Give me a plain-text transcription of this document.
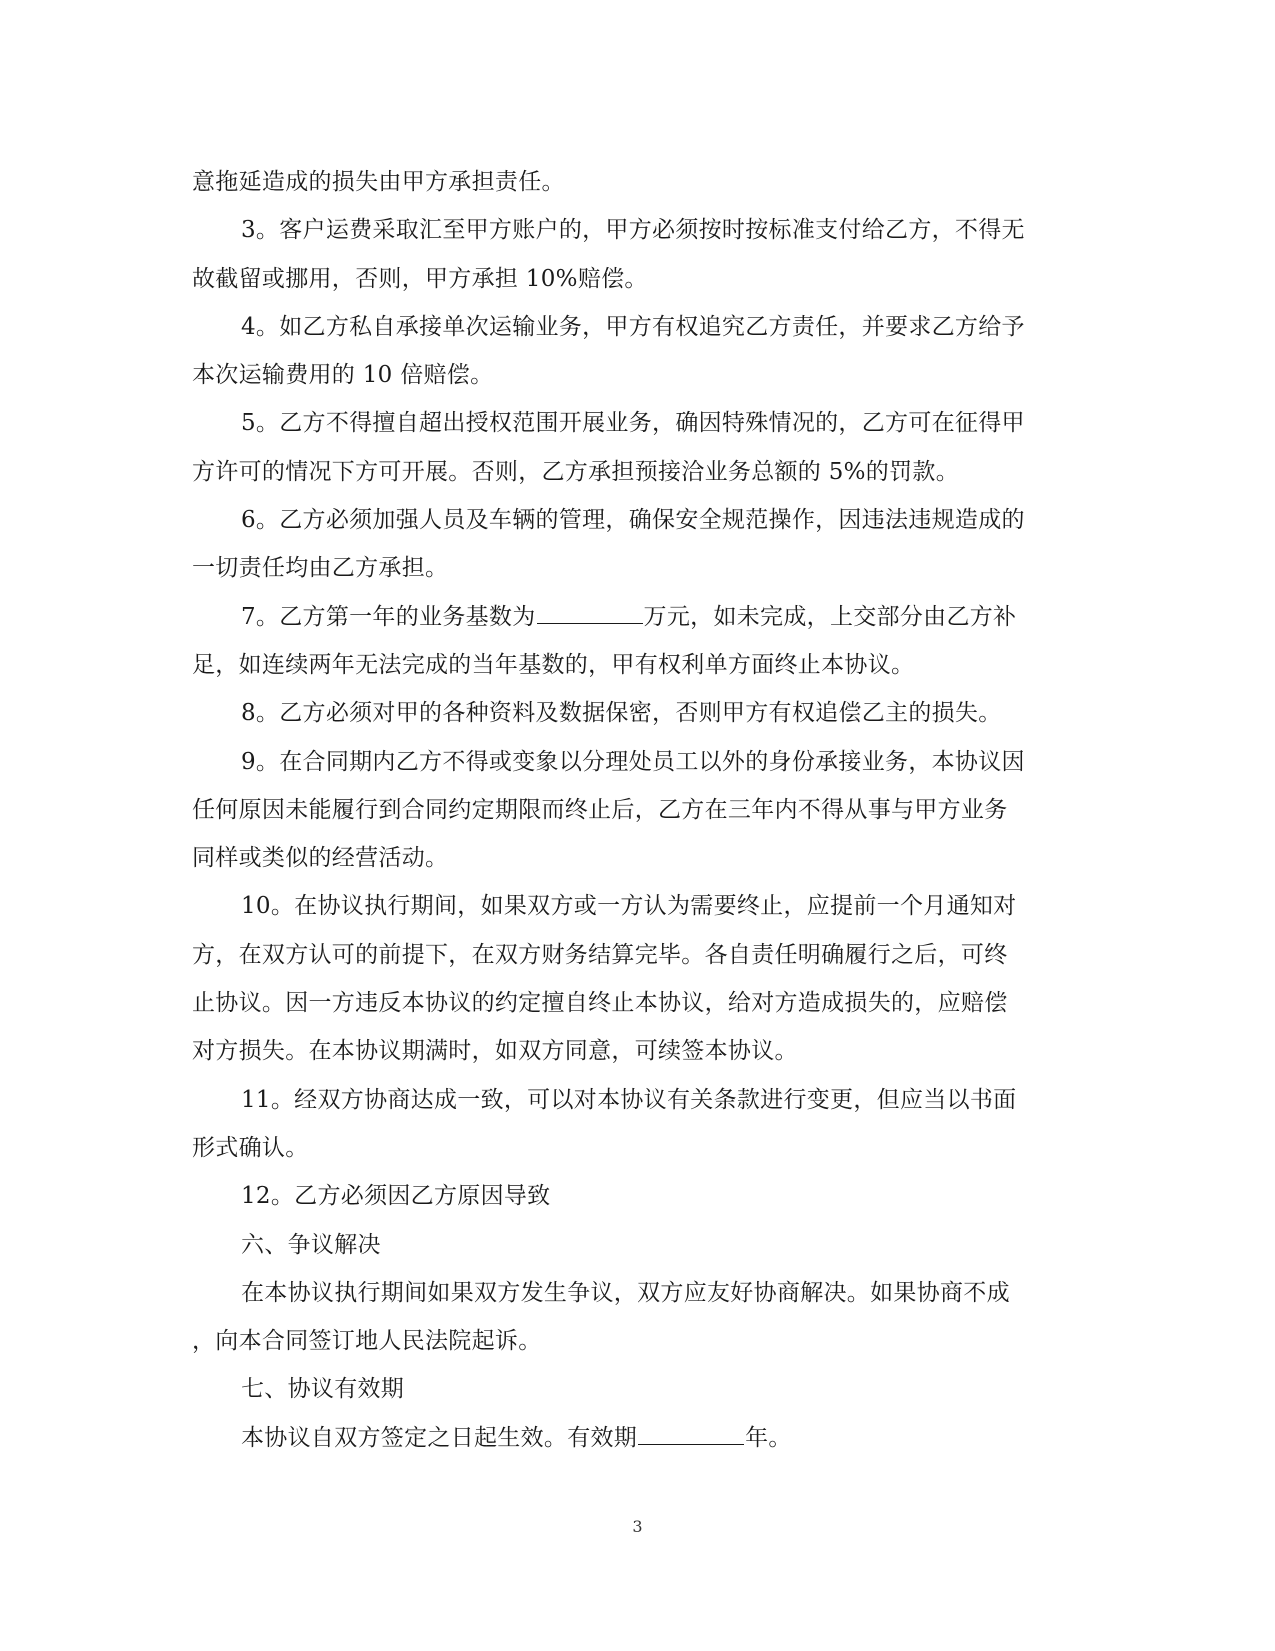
意拖延造成的损失由甲方承担责任。
3。客户运费采取汇至甲方账户的，甲方必须按时按标准支付给乙方，不得无
故截留或挪用，否则，甲方承担 10%赔偿。
4。如乙方私自承接单次运输业务，甲方有权追究乙方责任，并要求乙方给予
本次运输费用的 10 倍赔偿。
5。乙方不得擅自超出授权范围开展业务，确因特殊情况的，乙方可在征得甲
方许可的情况下方可开展。否则，乙方承担预接洽业务总额的 5%的罚款。
6。乙方必须加强人员及车辆的管理，确保安全规范操作，因违法违规造成的
一切责任均由乙方承担。
7。乙方第一年的业务基数为	万元，如未完成，上交部分由乙方补
足，如连续两年无法完成的当年基数的，甲有权利单方面终止本协议。
8。乙方必须对甲的各种资料及数据保密，否则甲方有权追偿乙主的损失。
9。在合同期内乙方不得或变象以分理处员工以外的身份承接业务，本协议因
任何原因未能履行到合同约定期限而终止后，乙方在三年内不得从事与甲方业务
同样或类似的经营活动。
10。在协议执行期间，如果双方或一方认为需要终止，应提前一个月通知对
方，在双方认可的前提下，在双方财务结算完毕。各自责任明确履行之后，可终
止协议。因一方违反本协议的约定擅自终止本协议，给对方造成损失的，应赔偿
对方损失。在本协议期满时，如双方同意，可续签本协议。
11。经双方协商达成一致，可以对本协议有关条款进行变更，但应当以书面
形式确认。
12。乙方必须因乙方原因导致
六、争议解决
在本协议执行期间如果双方发生争议，双方应友好协商解决。如果协商不成
，向本合同签订地人民法院起诉。
七、协议有效期
本协议自双方签定之日起生效。有效期	年。
3
